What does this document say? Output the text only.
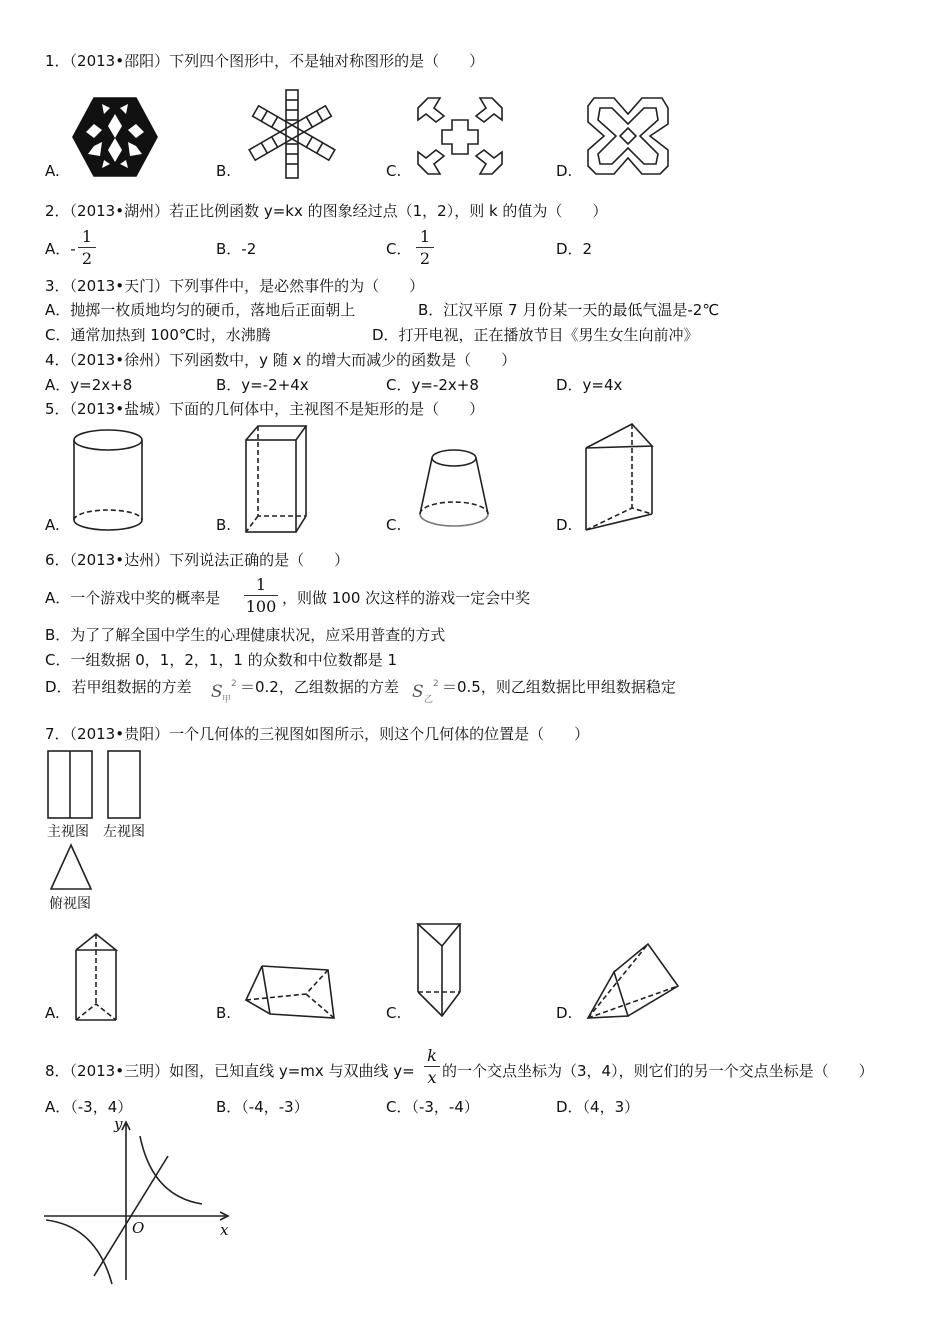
1．（2013•邵阳）下列四个图形中，不是轴对称图形的是（　　）
A.	B.	C.	D.
2．（2013•湖州）若正比例函数 y=kx 的图象经过点（1，2），则 k 的值为（　　）
A．-
1
2	B．-2	C．
1
2	D．2
3．（2013•天门）下列事件中，是必然事件的为（　　）
A．抛掷一枚质地均匀的硬币，落地后正面朝上	B．江汉平原 7 月份某一天的最低气温是-2℃
C．通常加热到 100℃时，水沸腾	D．打开电视，正在播放节目《男生女生向前冲》
4．（2013•徐州）下列函数中，y 随 x 的增大而减少的函数是（　　）
A．y=2x+8	B．y=-2+4x	C．y=-2x+8	D．y=4x
5．（2013•盐城）下面的几何体中，主视图不是矩形的是（　　）
A.	B.	C.	D.
6．（2013•达州）下列说法正确的是（　　）
A．一个游戏中奖的概率是
1
100 ，则做 100 次这样的游戏一定会中奖
B．为了了解全国中学生的心理健康状况，应采用普查的方式
C．一组数据 0，1，2，1，1 的众数和中位数都是 1
D．若甲组数据的方差 S 甲
2 ＝0.2，乙组数据的方差 S 乙
2 ＝0.5，则乙组数据比甲组数据稳定
7．（2013•贵阳）一个几何体的三视图如图所示，则这个几何体的位置是（　　）
主视图 左视图
俯视图
A.	B.	C.	D.
8．（2013•三明）如图，已知直线 y=mx 与双曲线 y=
k
x 的一个交点坐标为（3，4），则它们的另一个交点坐标是（　　）
A．（-3，4）	B．（-4，-3）	C．（-3，-4）	D．（4，3）
y
x
O
